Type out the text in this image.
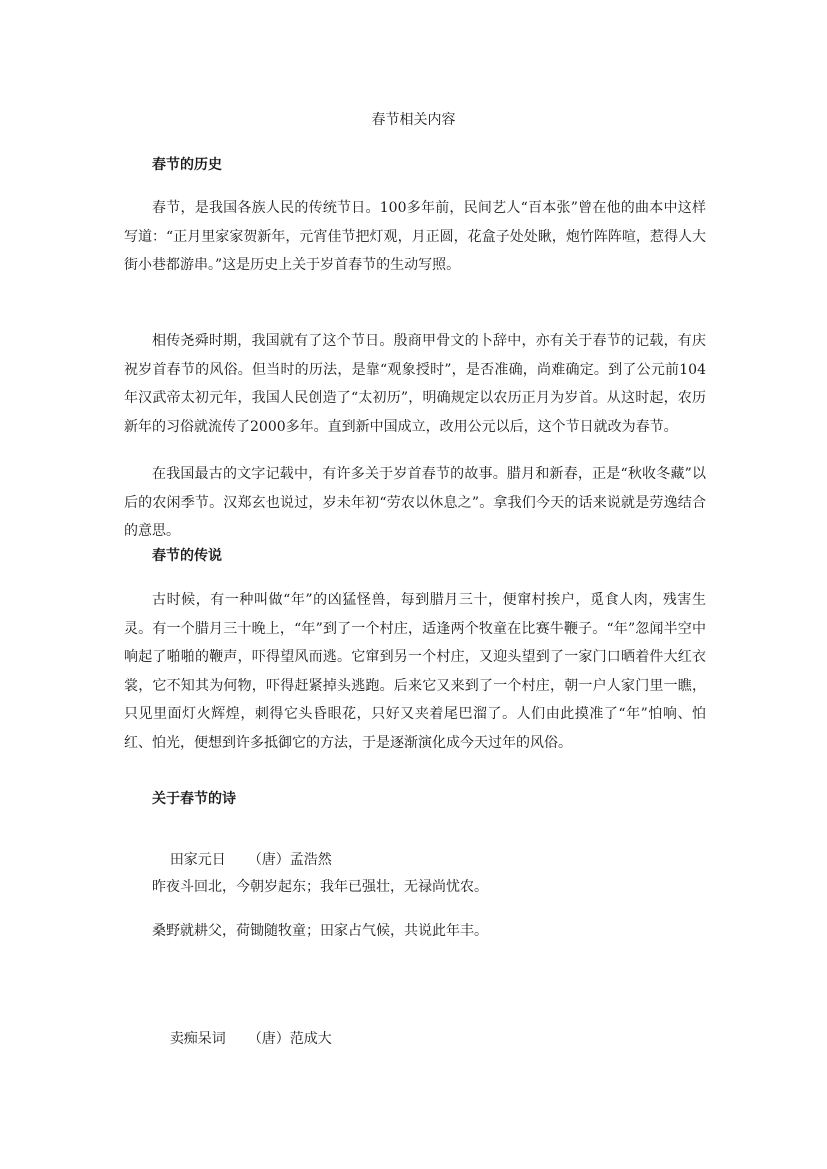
春节相关内容
春节的历史

春节，是我国各族人民的传统节日。100多年前，民间艺人“百本张”曾在他的曲本中这样写道：“正月里家家贺新年，元宵佳节把灯观，月正圆，花盒子处处瞅，炮竹阵阵喧，惹得人大街小巷都游串。”这是历史上关于岁首春节的生动写照。

相传尧舜时期，我国就有了这个节日。殷商甲骨文的卜辞中，亦有关于春节的记载，有庆祝岁首春节的风俗。但当时的历法，是靠“观象授时”，是否准确，尚难确定。到了公元前104年汉武帝太初元年，我国人民创造了“太初历”，明确规定以农历正月为岁首。从这时起，农历新年的习俗就流传了2000多年。直到新中国成立，改用公元以后，这个节日就改为春节。

在我国最古的文字记载中，有许多关于岁首春节的故事。腊月和新春，正是“秋收冬藏”以后的农闲季节。汉郑玄也说过，岁未年初“劳农以休息之”。拿我们今天的话来说就是劳逸结合的意思。

春节的传说

古时候，有一种叫做“年”的凶猛怪兽，每到腊月三十，便窜村挨户，觅食人肉，残害生灵。有一个腊月三十晚上，“年”到了一个村庄，适逢两个牧童在比赛牛鞭子。“年”忽闻半空中响起了啪啪的鞭声，吓得望风而逃。它窜到另一个村庄，又迎头望到了一家门口晒着件大红衣裳，它不知其为何物，吓得赶紧掉头逃跑。后来它又来到了一个村庄，朝一户人家门里一瞧，只见里面灯火辉煌，刺得它头昏眼花，只好又夹着尾巴溜了。人们由此摸准了“年”怕响、怕红、怕光，便想到许多抵御它的方法，于是逐渐演化成今天过年的风俗。

关于春节的诗

田家元日 （唐）孟浩然

昨夜斗回北，今朝岁起东；我年已强壮，无禄尚忧农。
桑野就耕父，荷锄随牧童；田家占气候，共说此年丰。

卖痴呆词 （唐）范成大
